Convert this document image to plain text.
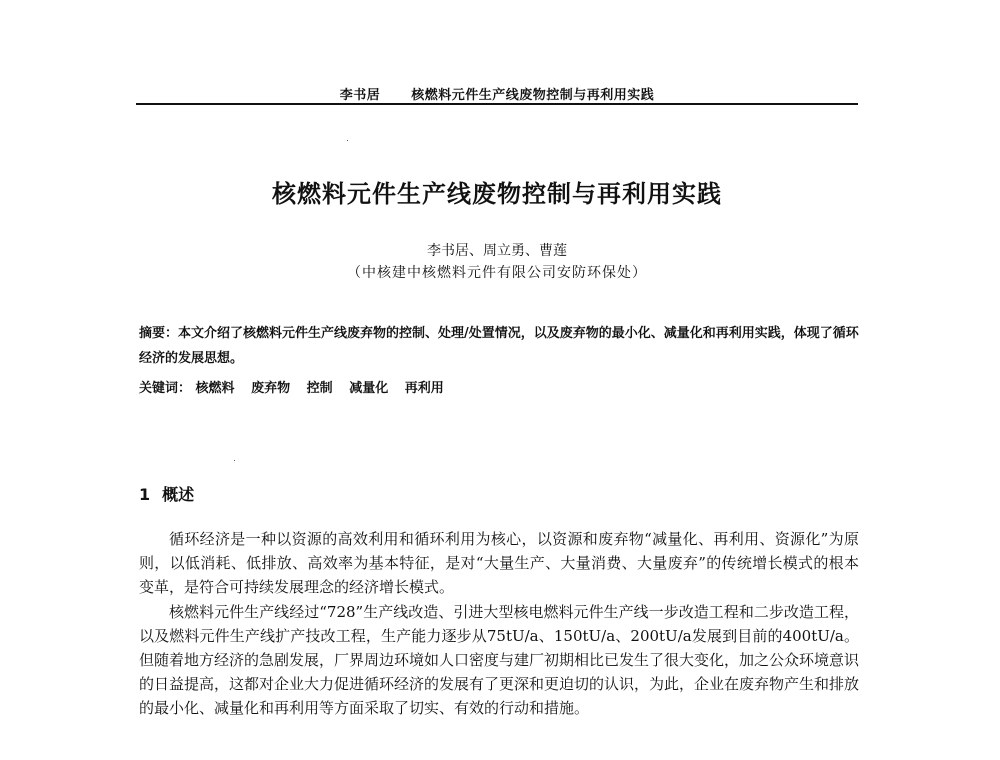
李书居 核燃料元件生产线废物控制与再利用实践
核燃料元件生产线废物控制与再利用实践
李书居、周立勇、曹莲
（中核建中核燃料元件有限公司安防环保处）
摘要：本文介绍了核燃料元件生产线废弃物的控制、处理/处置情况，以及废弃物的最小化、减量化和再利用实践，体现了循环经济的发展思想。
关键词： 核燃料 废弃物 控制 减量化 再利用
1 概述

循环经济是一种以资源的高效利用和循环利用为核心，以资源和废弃物“减量化、再利用、资源化”为原则，以低消耗、低排放、高效率为基本特征，是对“大量生产、大量消费、大量废弃”的传统增长模式的根本变革，是符合可持续发展理念的经济增长模式。

核燃料元件生产线经过“728”生产线改造、引进大型核电燃料元件生产线一步改造工程和二步改造工程，以及燃料元件生产线扩产技改工程，生产能力逐步从75tU/a、150tU/a、200tU/a发展到目前的400tU/a。但随着地方经济的急剧发展，厂界周边环境如人口密度与建厂初期相比已发生了很大变化，加之公众环境意识的日益提高，这都对企业大力促进循环经济的发展有了更深和更迫切的认识，为此，企业在废弃物产生和排放的最小化、减量化和再利用等方面采取了切实、有效的行动和措施。
